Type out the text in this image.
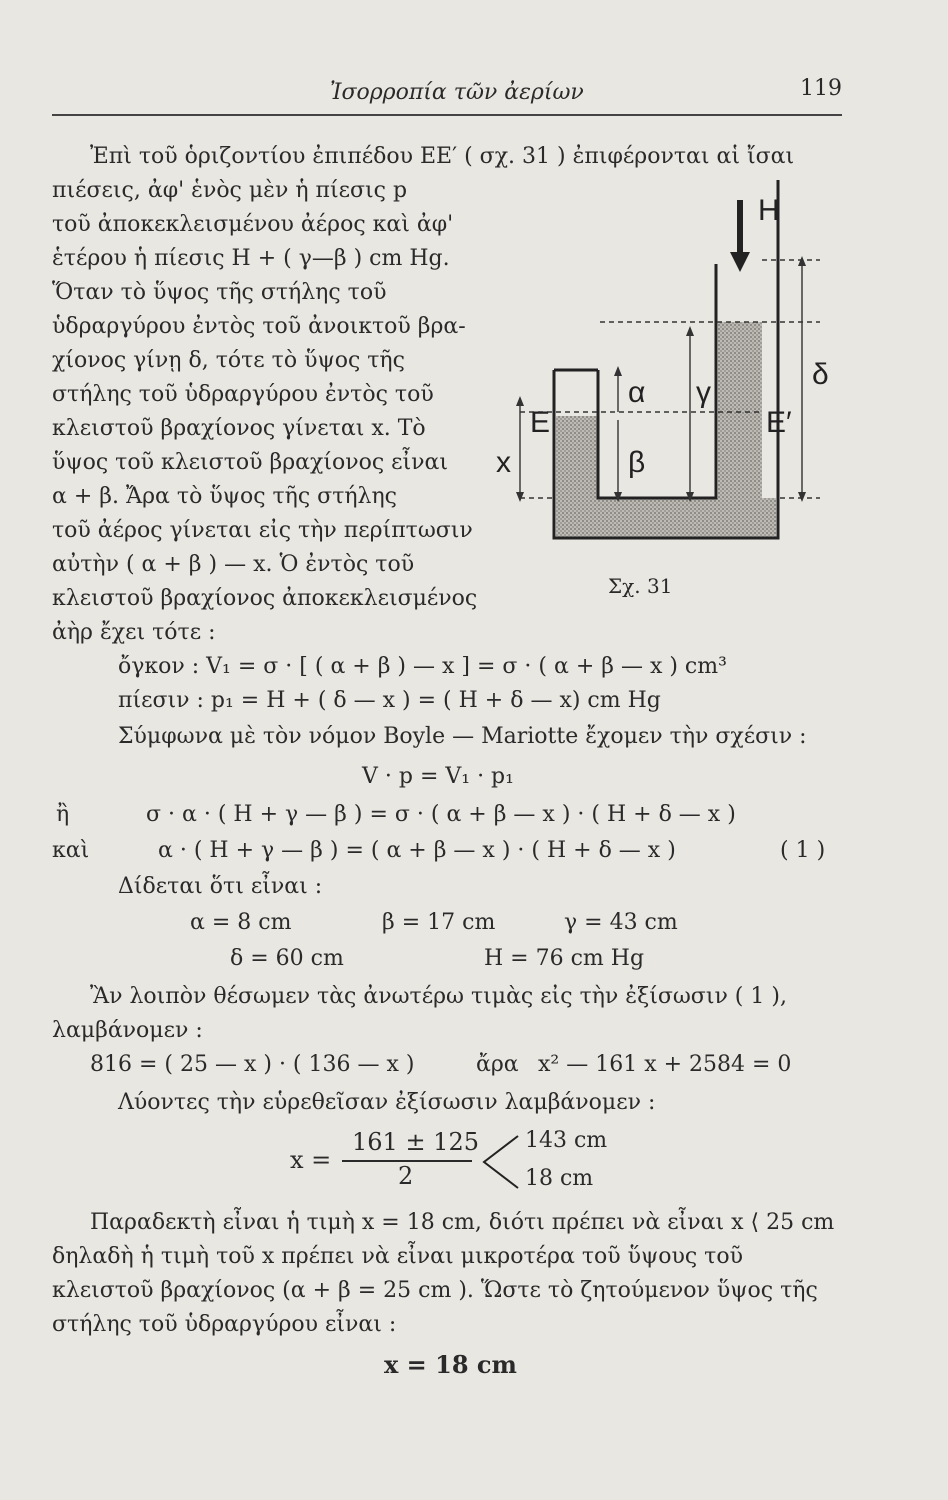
Ἰσορροπία τῶν ἀερίων	119
Ἐπὶ τοῦ ὁριζοντίου ἐπιπέδου ΕΕ′ ( σχ. 31 ) ἐπιφέρονται αἱ ἴσαι
πιέσεις, ἀφ' ἑνὸς μὲν ἡ πίεσις p
τοῦ ἀποκεκλεισμένου ἀέρος καὶ ἀφ'
ἑτέρου ἡ πίεσις H + ( γ—β ) cm Hg.
Ὅταν τὸ ὕψος τῆς στήλης τοῦ
ὑδραργύρου ἐντὸς τοῦ ἀνοικτοῦ βρα-
χίονος γίνῃ δ, τότε τὸ ὕψος τῆς
στήλης τοῦ ὑδραργύρου ἐντὸς τοῦ
κλειστοῦ βραχίονος γίνεται x. Τὸ
ὕψος τοῦ κλειστοῦ βραχίονος εἶναι
α + β. Ἄρα τὸ ὕψος τῆς στήλης
τοῦ ἀέρος γίνεται εἰς τὴν περίπτωσιν
αὐτὴν ( α + β ) — x. Ὁ ἐντὸς τοῦ
κλειστοῦ βραχίονος ἀποκεκλεισμένος
ἀὴρ ἔχει τότε :
H
E	E′
x
α
β
γ
δ
Σχ. 31
ὄγκον : V₁ = σ · [ ( α + β ) — x ] = σ · ( α + β — x ) cm³
πίεσιν : p₁ = H + ( δ — x ) = ( H + δ — x) cm Hg
Σύμφωνα μὲ τὸν νόμον Boyle — Mariotte ἔχομεν τὴν σχέσιν :
V · p = V₁ · p₁
ἢ	σ · α · ( H + γ — β ) = σ · ( α + β — x ) · ( H + δ — x )
καὶ	α · ( H + γ — β ) = ( α + β — x ) · ( H + δ — x )	( 1 )
Δίδεται ὅτι εἶναι :
α = 8 cm	β = 17 cm	γ = 43 cm
δ = 60 cm	H = 76 cm Hg
Ἂν λοιπὸν θέσωμεν τὰς ἀνωτέρω τιμὰς εἰς τὴν ἐξίσωσιν ( 1 ),
λαμβάνομεν :
816 = ( 25 — x ) · ( 136 — x )	ἄρα x² — 161 x + 2584 = 0
Λύοντες τὴν εὑρεθεῖσαν ἐξίσωσιν λαμβάνομεν :
x =
161 ± 125
2
143 cm
18 cm
Παραδεκτὴ εἶναι ἡ τιμὴ x = 18 cm, διότι πρέπει νὰ εἶναι x ⟨ 25 cm
δηλαδὴ ἡ τιμὴ τοῦ x πρέπει νὰ εἶναι μικροτέρα τοῦ ὕψους τοῦ
κλειστοῦ βραχίονος (α + β = 25 cm ). Ὥστε τὸ ζητούμενον ὕψος τῆς
στήλης τοῦ ὑδραργύρου εἶναι :
x = 18 cm
